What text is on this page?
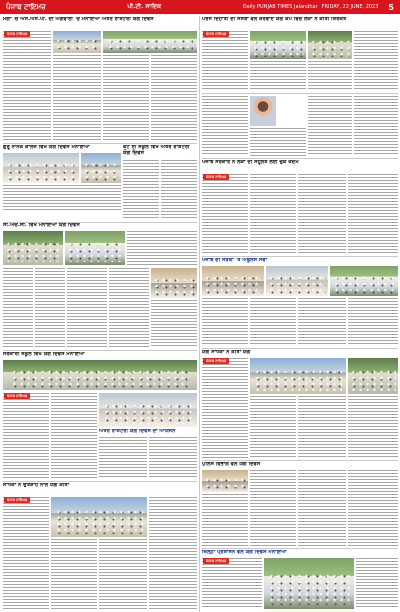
ਪੰਜਾਬ ਟਾਇਮਜ਼	ਪੀ.ਟੀ. ਸਾਦਿਕ	Daily PUNJAB TIMES Jalandhar FRIDAY, 22 JUNE, 2023 5
ਮੋਗਾ 'ਚ ਐੱਸ.ਐੱਸ.ਪੀ. ਦੀ ਅਗਵਾਈ 'ਚ ਮਨਾਇਆ ਅੰਤਰ ਰਾਸ਼ਟਰੀ ਯੋਗ ਦਿਵਸ
ਪੰਜਾਬ ਟਾਇਮਜ਼
ਗੁਰੂ ਨਾਨਕ ਕਾਲਜ ਵਿਖੇ ਯੋਗ ਦਿਵਸ ਮਨਾਇਆ	ਕੋਟ ਈ ਸਕੂਲ ਵਿਖੇ ਅੰਤਰ ਰਾਸ਼ਟਰੀ ਯੋਗ ਦਿਵਸ
ਸੀ.ਐੱਚ.ਸੀ. ਵਿਖੇ ਮਨਾਇਆ ਯੋਗ ਦਿਵਸ
ਸਰਕਾਰੀ ਸਕੂਲ ਵਿਖੇ ਯੋਗ ਦਿਵਸ ਮਨਾਇਆ
ਪੰਜਾਬ ਟਾਇਮਜ਼
ਅੰਤਰ ਰਾਸ਼ਟਰੀ ਯੋਗ ਦਿਵਸ ਦਾ ਆਯੋਜਨ
ਸਾਧਕਾਂ ਨੇ ਉਤਸ਼ਾਹ ਨਾਲ ਯੋਗ ਕੀਤਾ
ਪੰਜਾਬ ਟਾਇਮਜ਼
ਪਰਸ ਦਿਹਾਤੀ ਦੀ ਸੰਸਥਾ ਵੱਲੋਂ ਕਰਵਾਏ ਯੋਗ ਕੈਂਪ ਵਿੱਚ ਲੋਕਾਂ ਨੇ ਕੀਤੀ ਸ਼ਿਰਕਤ
ਪੰਜਾਬ ਟਾਇਮਜ਼
ਪੰਜਾਬ ਸਰਕਾਰ ਨੇ ਲੋਕਾਂ ਦੀ ਸਹੂਲਤ ਲਈ ਚੁੱਕੇ ਕਦਮ
ਪੰਜਾਬ ਟਾਇਮਜ਼
ਪੰਜਾਬ ਦੀ ਸੜਕਾਂ 'ਤੇ ਐਂਬੂਲੈਂਸ ਸੇਵਾ
ਯੋਗ ਸਾਧਕਾਂ ਨੇ ਕੀਤਾ ਯੋਗ
ਪੰਜਾਬ ਟਾਇਮਜ਼
ਪੁਲਿਸ ਵਿਭਾਗ ਵੱਲੋਂ ਯੋਗ ਦਿਵਸ
ਜ਼ਿਲ੍ਹਾ ਪ੍ਰਸ਼ਾਸਨ ਵੱਲੋਂ ਯੋਗ ਦਿਵਸ ਮਨਾਇਆ
ਪੰਜਾਬ ਟਾਇਮਜ਼
